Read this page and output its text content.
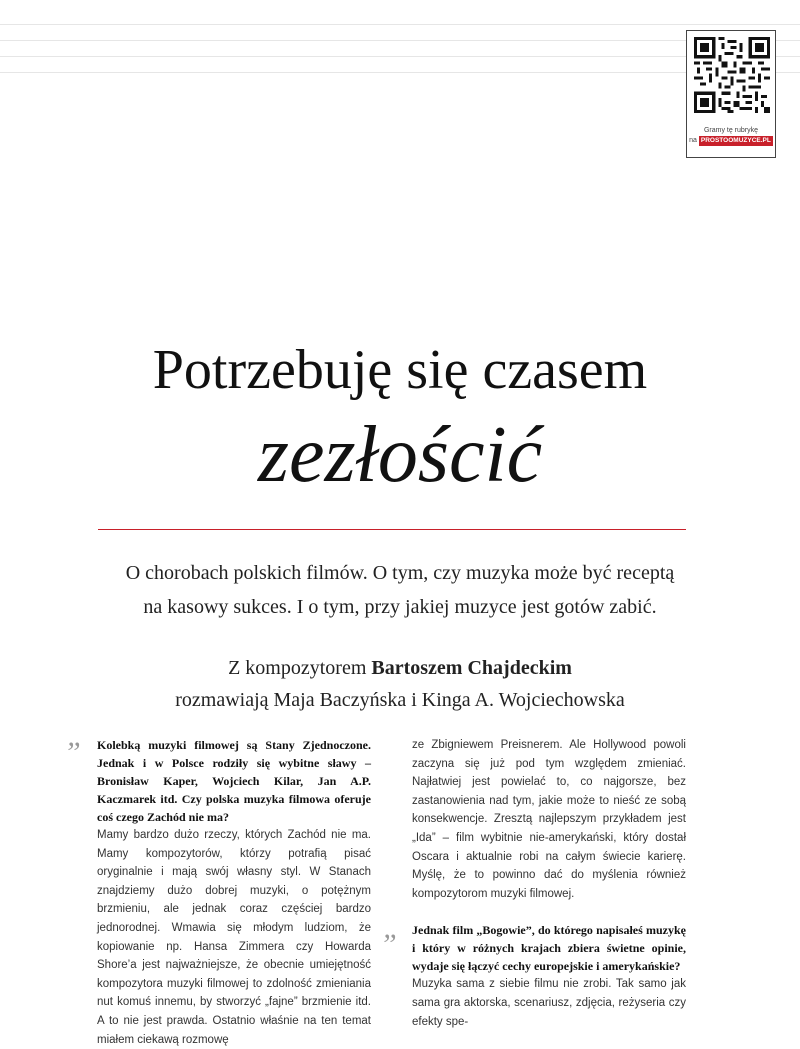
Gramy tę rubrykę
na PROSTOOMUZYCE.PL
Potrzebuję się czasem
zezłościć
O chorobach polskich filmów. O tym, czy muzyka może być receptą
na kasowy sukces. I o tym, przy jakiej muzyce jest gotów zabić.
Z kompozytorem Bartoszem Chajdeckim
rozmawiają Maja Baczyńska i Kinga A. Wojciechowska
” Kolebką muzyki filmowej są Stany Zjednoczone. Jednak i w Polsce rodziły się wybitne sławy – Bronisław Kaper, Wojciech Kilar, Jan A.P. Kaczmarek itd. Czy polska muzyka filmowa oferuje coś czego Zachód nie ma?

Mamy bardzo dużo rzeczy, których Zachód nie ma. Mamy kompozytorów, którzy potrafią pisać oryginalnie i mają swój własny styl. W Stanach znajdziemy dużo dobrej muzyki, o potężnym brzmieniu, ale jednak coraz częściej bardzo jednorodnej. Wmawia się młodym ludziom, że kopiowanie np. Hansa Zimmera czy Howarda Shore’a jest najważniejsze, że obecnie umiejętność kompozytora muzyki filmowej to zdolność zmieniania nut komuś innemu, by stworzyć „fajne” brzmienie itd. A to nie jest prawda. Ostatnio właśnie na ten temat miałem ciekawą rozmowę

ze Zbigniewem Preisnerem. Ale Hollywood powoli zaczyna się już pod tym względem zmieniać. Najłatwiej jest powielać to, co najgorsze, bez zastanowienia nad tym, jakie może to nieść ze sobą konsekwencje. Zresztą najlepszym przykładem jest „Ida” – film wybitnie nie-amerykański, który dostał Oscara i aktualnie robi na całym świecie karierę. Myślę, że to powinno dać do myślenia również kompozytorom muzyki filmowej.

Jednak film „Bogowie”, do którego napisałeś muzykę i który w różnych krajach zbiera świetne opinie, wydaje się łączyć cechy europejskie i amerykańskie?

Muzyka sama z siebie filmu nie zrobi. Tak samo jak sama gra aktorska, scenariusz, zdjęcia, reżyseria czy efekty spe-

”
